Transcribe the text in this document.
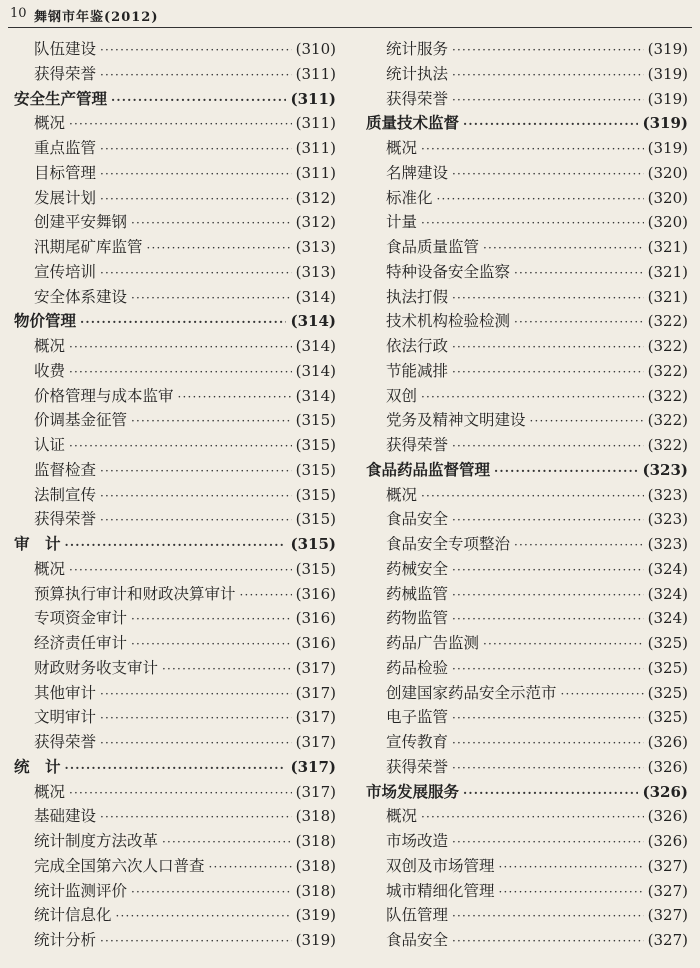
10 舞钢市年鉴(2012)
队伍建设 ·····	(310)
获得荣誉 ·····	(311)
安全生产管理 ·····	(311)
概况 ·····	(311)
重点监管 ·····	(311)
目标管理 ·····	(311)
发展计划 ·····	(312)
创建平安舞钢 ·····	(312)
汛期尾矿库监管 ·····	(313)
宣传培训 ·····	(313)
安全体系建设 ·····	(314)
物价管理 ·····	(314)
概况 ·····	(314)
收费 ·····	(314)
价格管理与成本监审 ·····	(314)
价调基金征管 ·····	(315)
认证 ·····	(315)
监督检查 ·····	(315)
法制宣传 ·····	(315)
获得荣誉 ·····	(315)
审　计 ·····	(315)
概况 ·····	(315)
预算执行审计和财政决算审计 ·····	(316)
专项资金审计 ·····	(316)
经济责任审计 ·····	(316)
财政财务收支审计 ·····	(317)
其他审计 ·····	(317)
文明审计 ·····	(317)
获得荣誉 ·····	(317)
统　计 ·····	(317)
概况 ·····	(317)
基础建设 ·····	(318)
统计制度方法改革 ·····	(318)
完成全国第六次人口普查 ·····	(318)
统计监测评价 ·····	(318)
统计信息化 ·····	(319)
统计分析 ·····	(319)
统计服务 ·····	(319)
统计执法 ·····	(319)
获得荣誉 ·····	(319)
质量技术监督 ·····	(319)
概况 ·····	(319)
名牌建设 ·····	(320)
标准化 ·····	(320)
计量 ·····	(320)
食品质量监管 ·····	(321)
特种设备安全监察 ·····	(321)
执法打假 ·····	(321)
技术机构检验检测 ·····	(322)
依法行政 ·····	(322)
节能减排 ·····	(322)
双创 ·····	(322)
党务及精神文明建设 ·····	(322)
获得荣誉 ·····	(322)
食品药品监督管理 ·····	(323)
概况 ·····	(323)
食品安全 ·····	(323)
食品安全专项整治 ·····	(323)
药械安全 ·····	(324)
药械监管 ·····	(324)
药物监管 ·····	(324)
药品广告监测 ·····	(325)
药品检验 ·····	(325)
创建国家药品安全示范市 ·····	(325)
电子监管 ·····	(325)
宣传教育 ·····	(326)
获得荣誉 ·····	(326)
市场发展服务 ·····	(326)
概况 ·····	(326)
市场改造 ·····	(326)
双创及市场管理 ·····	(327)
城市精细化管理 ·····	(327)
队伍管理 ·····	(327)
食品安全 ·····	(327)
